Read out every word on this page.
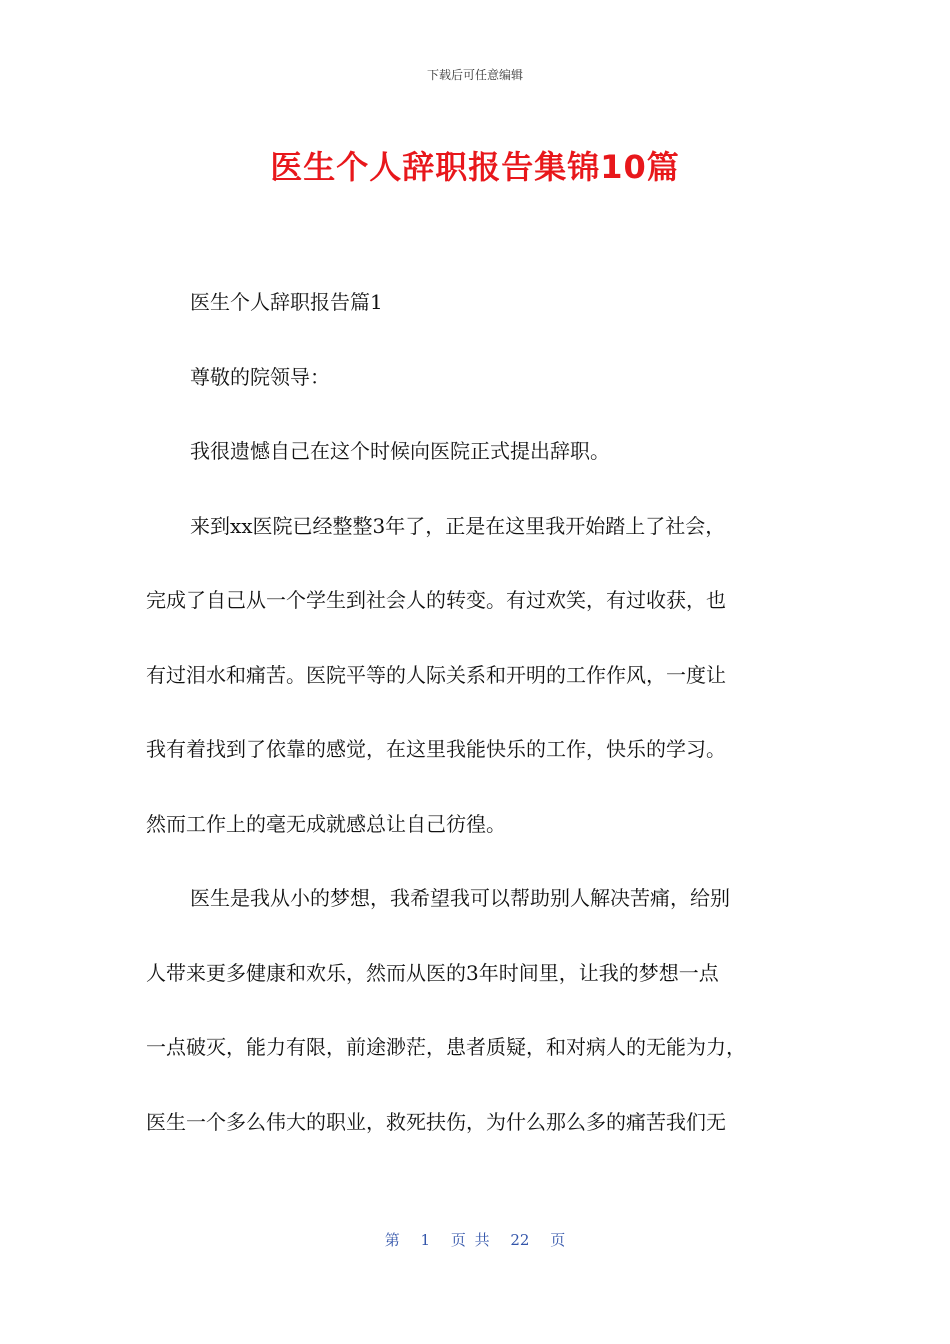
下载后可任意编辑
医生个人辞职报告集锦10篇
医生个人辞职报告篇1
尊敬的院领导：
我很遗憾自己在这个时候向医院正式提出辞职。
来到xx医院已经整整3年了，正是在这里我开始踏上了社会，
完成了自己从一个学生到社会人的转变。有过欢笑，有过收获，也
有过泪水和痛苦。医院平等的人际关系和开明的工作作风，一度让
我有着找到了依靠的感觉，在这里我能快乐的工作，快乐的学习。
然而工作上的毫无成就感总让自己彷徨。
医生是我从小的梦想，我希望我可以帮助别人解决苦痛，给别
人带来更多健康和欢乐，然而从医的3年时间里，让我的梦想一点
一点破灭，能力有限，前途渺茫，患者质疑，和对病人的无能为力，
医生一个多么伟大的职业，救死扶伤，为什么那么多的痛苦我们无
第 1 页 共 22 页
